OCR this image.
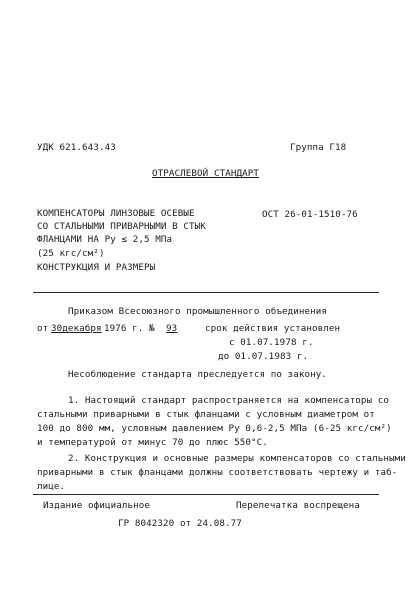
УДК 621.643.43	Группа Г18
ОТРАСЛЕВОЙ СТАНДАРТ
КОМПЕНСАТОРЫ ЛИНЗОВЫЕ ОСЕВЫЕ
СО СТАЛЬНЫМИ ПРИВАРНЫМИ В СТЫК
ФЛАНЦАМИ НА Рy ≤ 2,5 МПа
(25 кгс/см²)
КОНСТРУКЦИЯ И РАЗМЕРЫ
ОСТ 26-01-1510-76
Приказом Всесоюзного промышленного объединения
от 30декабря 1976 г. № 93	срок действия установлен
с 01.07.1978 г.
до 01.07.1983 г.
Несоблюдение стандарта преследуется по закону.
1. Настоящий стандарт распространяется на компенсаторы со
стальными приварными в стык фланцами с условным диаметром от
100 до 800 мм, условным давлением Рy 0,6-2,5 МПа (6-25 кгс/см²)
и температурой от минус 70 до плюс 550°С.
2. Конструкция и основные размеры компенсаторов со стальными
приварными в стык фланцами должны соответствовать чертежу и таб-
лице.
Издание официальное	Перепечатка воспрещена
ГР 8042320 от 24.08.77
